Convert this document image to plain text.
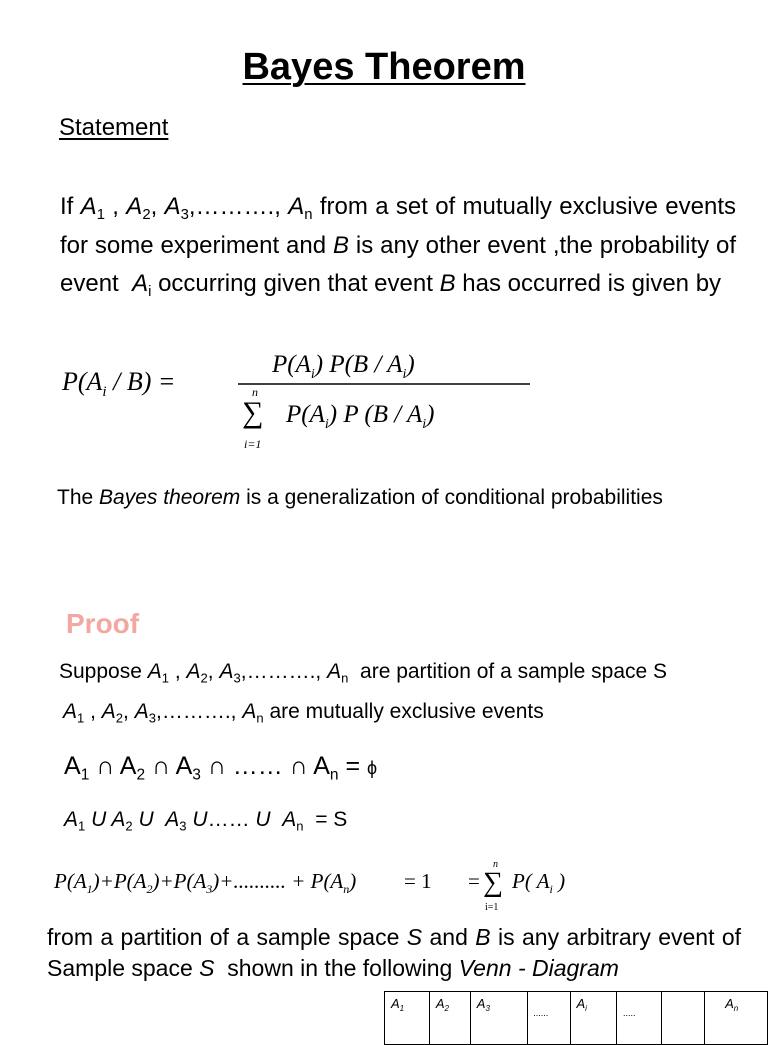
Bayes Theorem
Statement
If $A_1$ , $A_2$, $A_3,\dots\dots\dots$., $A_n$ from a set of mutually exclusive events for some experiment and B is any other event ,the probability of event $A_i$ occurring given that event B has occurred is given by
$P(A_i / B)$ =
$P(A_i)$ $P(B / A_i)$
n
∑
i=1
$P(A_i)$ P $(B / A_i)$
The Bayes theorem is a generalization of conditional probabilities
Proof
Suppose $A_1$ , $A_2$, $A_3,\dots\dots\dots$., $A_n$ are partition of a sample space S
$A_1$ , $A_2$, $A_3,\dots\dots\dots$., $A_n$ are mutually exclusive events
$A_1$ ∩ $A_2$ ∩ $A_3$ ∩ …… ∩ $A_n = \phi$
$A_1$ U $A_2$ U $A_3$ U…… U $A_n = S$
$P(A_1)+P(A_2)+P(A_3)+$.......... + $P(A_n) = 1$ =
n
∑
i=1
P( $A_i$ )
from a partition of a sample space S and B is any arbitrary event of Sample space S shown in the following Venn - Diagram
$A_1$	$A_2$	$A_3$	......	$A_i$	.....		$A_n$
